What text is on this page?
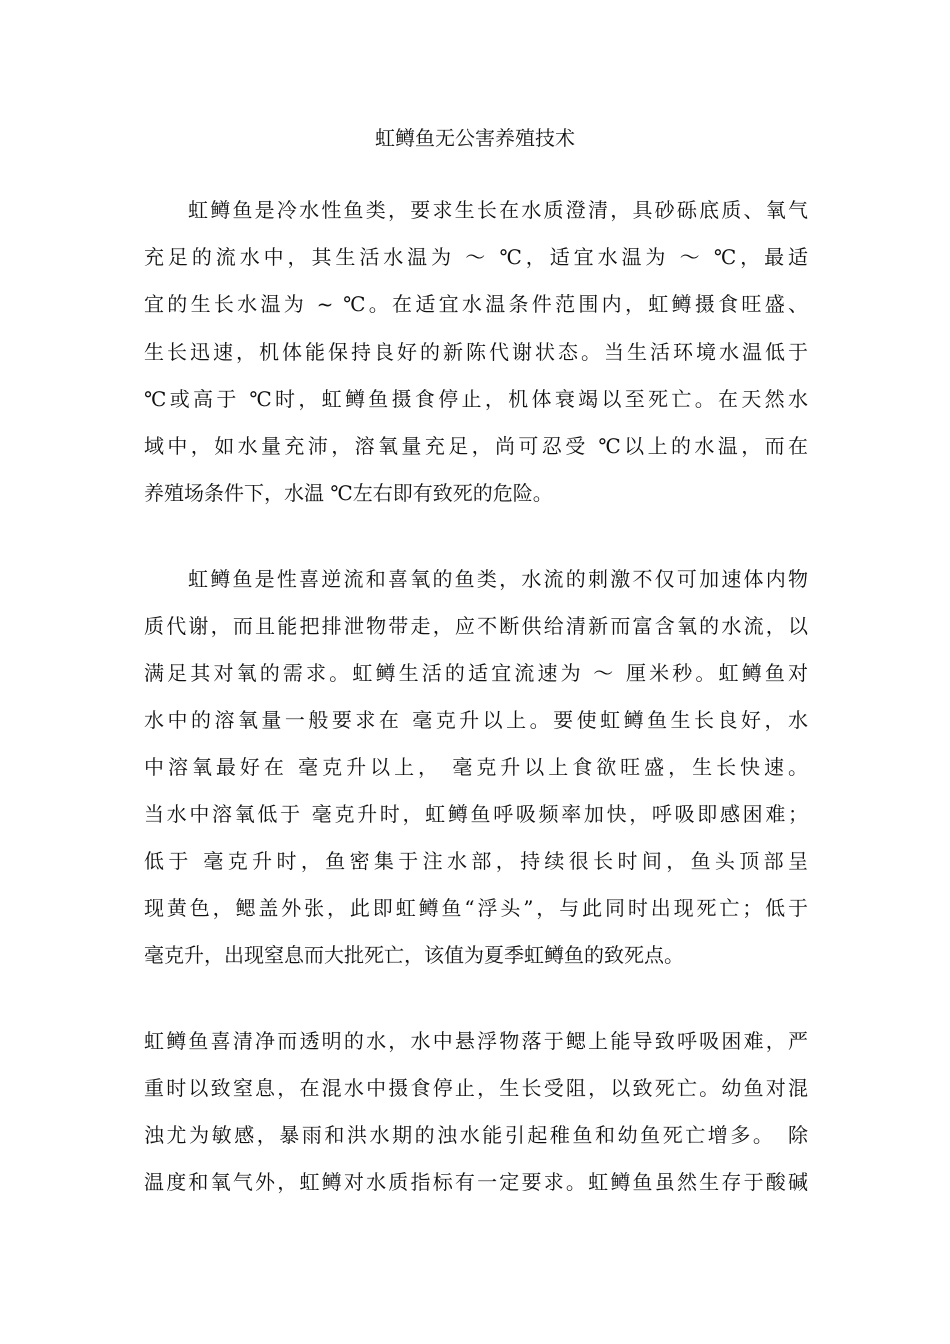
虹鳟鱼无公害养殖技术
虹鳟鱼是冷水性鱼类，要求生长在水质澄清，具砂砾底质、氧气
充足的流水中，其生活水温为 ～ ℃，适宜水温为 ～ ℃，最适
宜的生长水温为 ~ ℃。在适宜水温条件范围内，虹鳟摄食旺盛、
生长迅速，机体能保持良好的新陈代谢状态。当生活环境水温低于
℃或高于 ℃时，虹鳟鱼摄食停止，机体衰竭以至死亡。在天然水
域中，如水量充沛，溶氧量充足，尚可忍受 ℃以上的水温，而在
养殖场条件下，水温 ℃左右即有致死的危险。
虹鳟鱼是性喜逆流和喜氧的鱼类，水流的刺激不仅可加速体内物
质代谢，而且能把排泄物带走，应不断供给清新而富含氧的水流，以
满足其对氧的需求。虹鳟生活的适宜流速为 ～ 厘米秒。虹鳟鱼对
水中的溶氧量一般要求在 毫克升以上。要使虹鳟鱼生长良好，水
中溶氧最好在 毫克升以上， 毫克升以上食欲旺盛，生长快速。
当水中溶氧低于 毫克升时，虹鳟鱼呼吸频率加快，呼吸即感困难；
低于 毫克升时，鱼密集于注水部，持续很长时间，鱼头顶部呈
现黄色，鳃盖外张，此即虹鳟鱼“浮头”，与此同时出现死亡；低于
毫克升，出现窒息而大批死亡，该值为夏季虹鳟鱼的致死点。
虹鳟鱼喜清净而透明的水，水中悬浮物落于鳃上能导致呼吸困难，严
重时以致窒息，在混水中摄食停止，生长受阻，以致死亡。幼鱼对混
浊尤为敏感，暴雨和洪水期的浊水能引起稚鱼和幼鱼死亡增多。　除
温度和氧气外，虹鳟对水质指标有一定要求。虹鳟鱼虽然生存于酸碱
